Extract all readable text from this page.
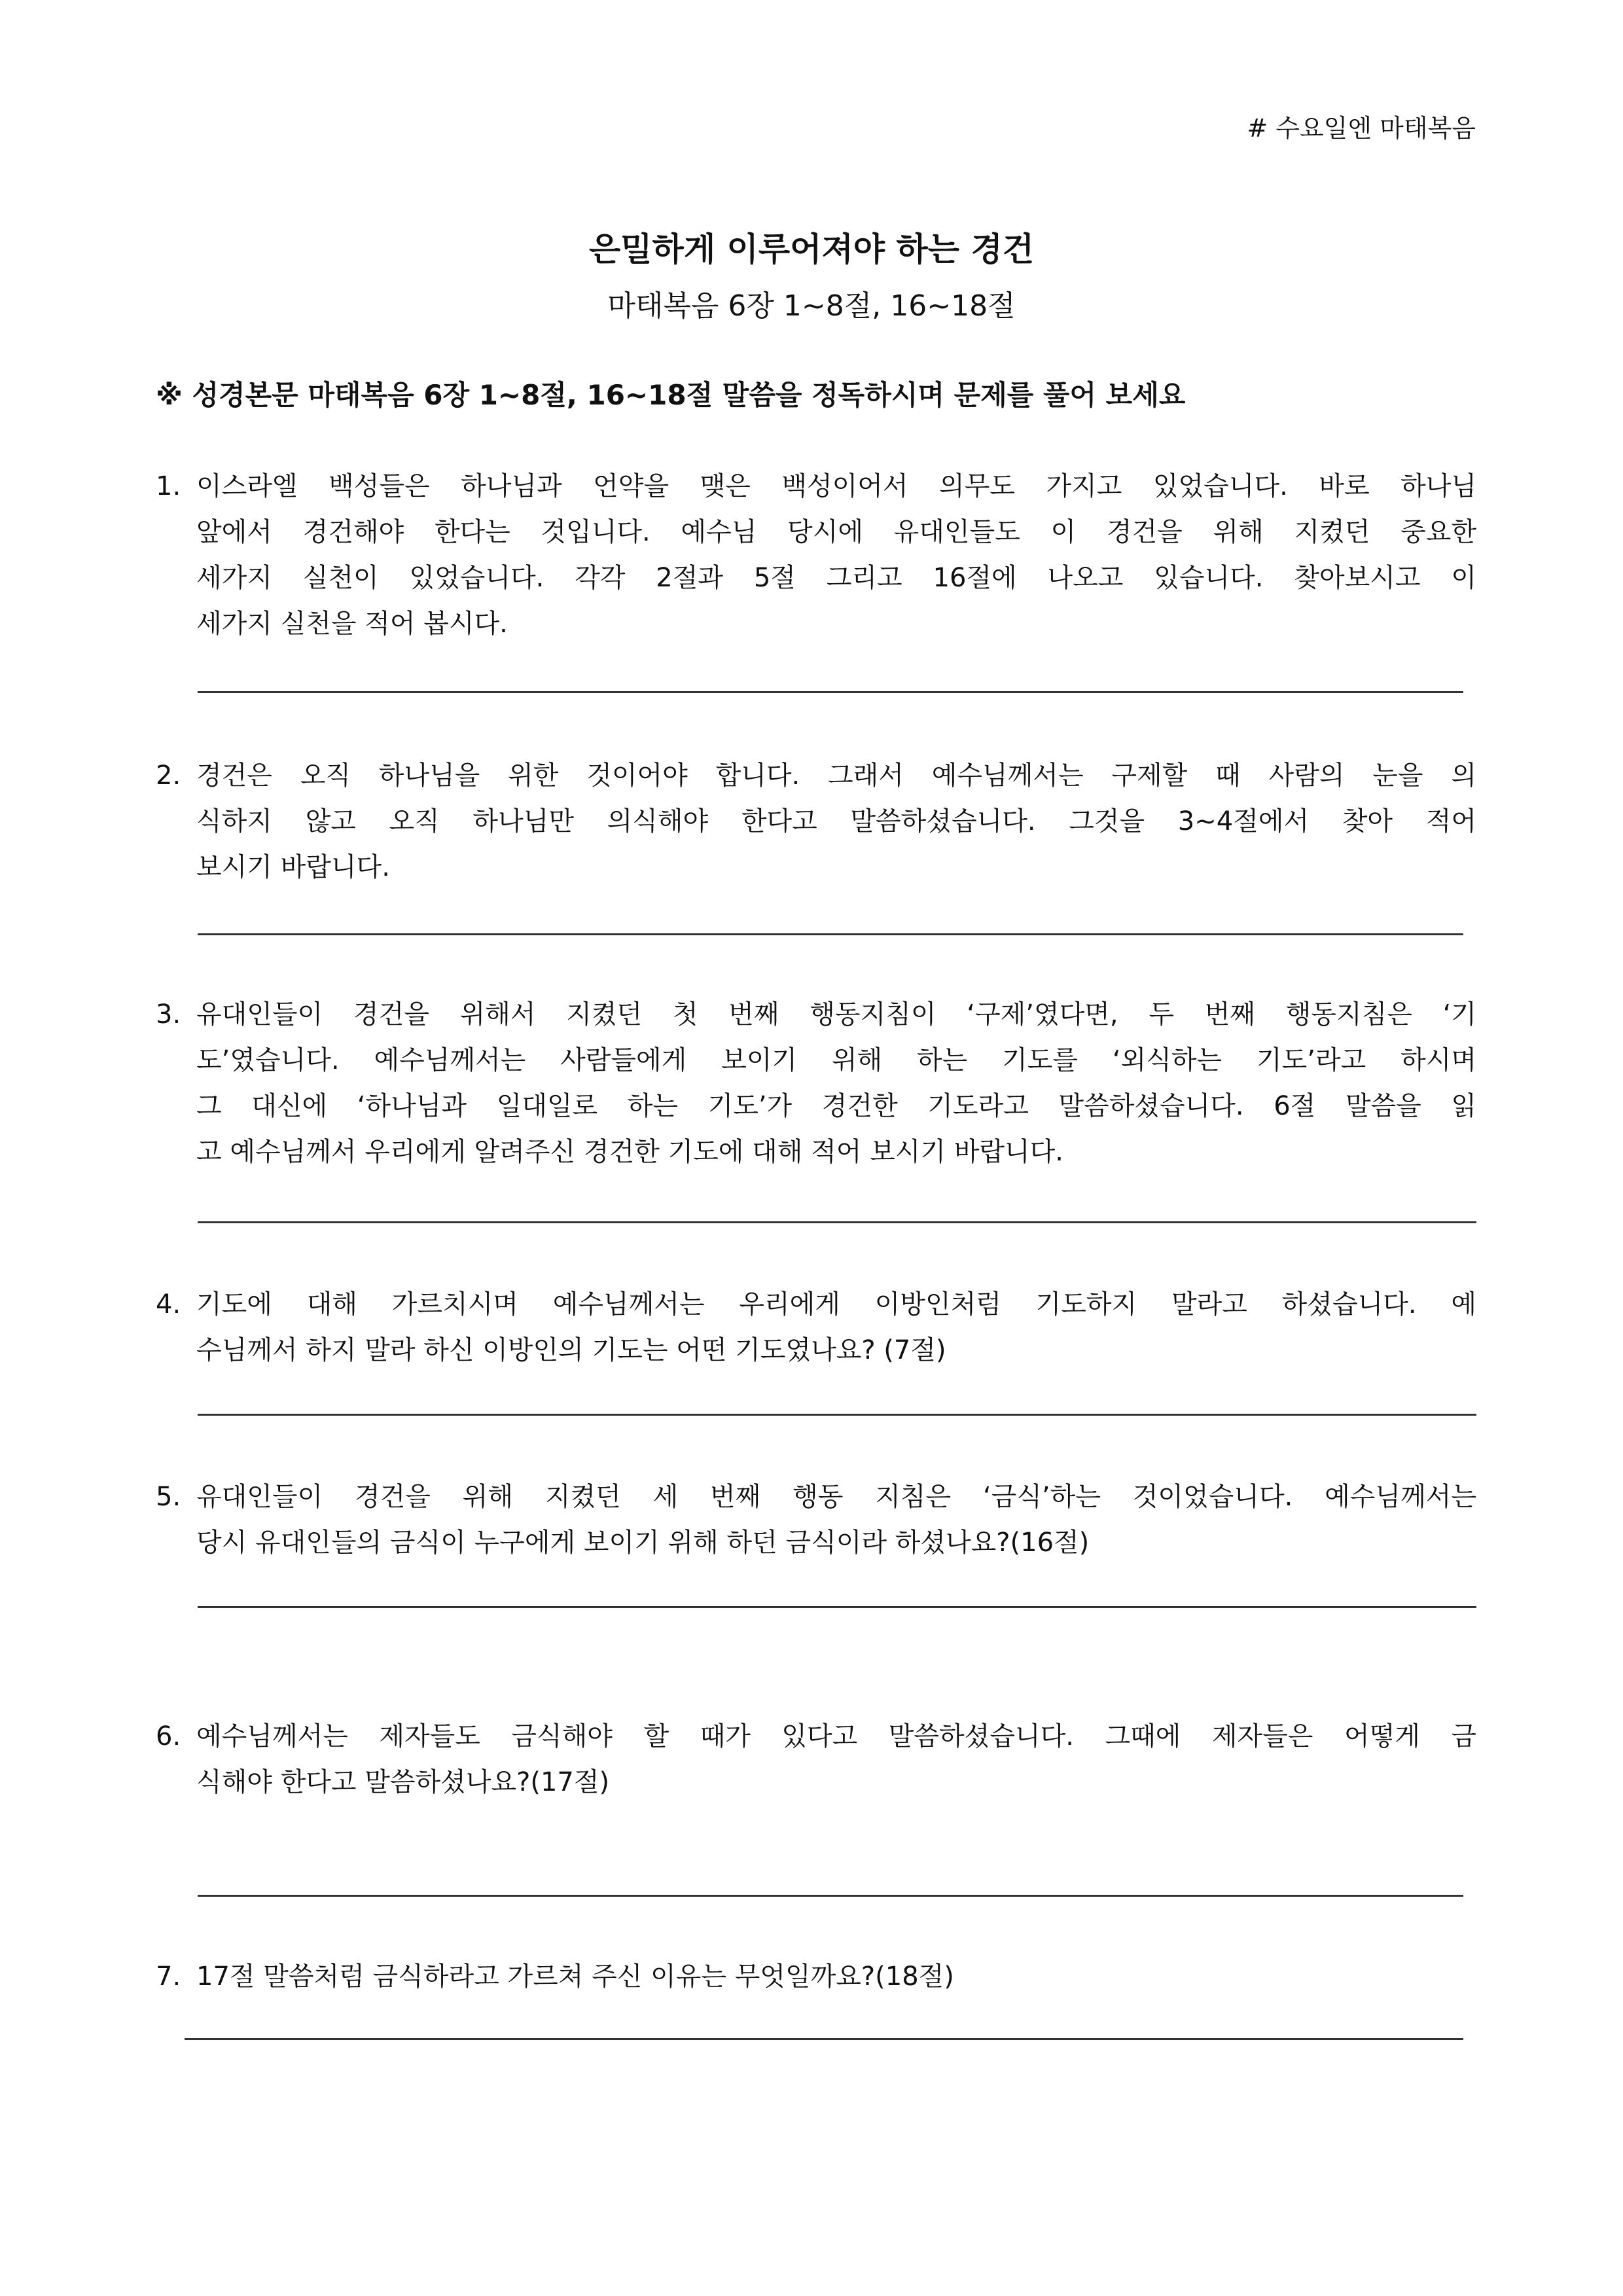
# 수요일엔 마태복음
은밀하게 이루어져야 하는 경건
마태복음 6장 1~8절, 16~18절
※ 성경본문 마태복음 6장 1~8절, 16~18절 말씀을 정독하시며 문제를 풀어 보세요
1. 이스라엘 백성들은 하나님과 언약을 맺은 백성이어서 의무도 가지고 있었습니다. 바로 하나님
앞에서 경건해야 한다는 것입니다. 예수님 당시에 유대인들도 이 경건을 위해 지켰던 중요한
세가지 실천이 있었습니다. 각각 2절과 5절 그리고 16절에 나오고 있습니다. 찾아보시고 이
세가지 실천을 적어 봅시다.
2. 경건은 오직 하나님을 위한 것이어야 합니다. 그래서 예수님께서는 구제할 때 사람의 눈을 의
식하지 않고 오직 하나님만 의식해야 한다고 말씀하셨습니다. 그것을 3~4절에서 찾아 적어
보시기 바랍니다.
3. 유대인들이 경건을 위해서 지켰던 첫 번째 행동지침이 ‘구제’였다면, 두 번째 행동지침은 ‘기
도’였습니다. 예수님께서는 사람들에게 보이기 위해 하는 기도를 ‘외식하는 기도’라고 하시며
그 대신에 ‘하나님과 일대일로 하는 기도’가 경건한 기도라고 말씀하셨습니다. 6절 말씀을 읽
고 예수님께서 우리에게 알려주신 경건한 기도에 대해 적어 보시기 바랍니다.
4. 기도에 대해 가르치시며 예수님께서는 우리에게 이방인처럼 기도하지 말라고 하셨습니다. 예
수님께서 하지 말라 하신 이방인의 기도는 어떤 기도였나요? (7절)
5. 유대인들이 경건을 위해 지켰던 세 번째 행동 지침은 ‘금식’하는 것이었습니다. 예수님께서는
당시 유대인들의 금식이 누구에게 보이기 위해 하던 금식이라 하셨나요?(16절)
6. 예수님께서는 제자들도 금식해야 할 때가 있다고 말씀하셨습니다. 그때에 제자들은 어떻게 금
식해야 한다고 말씀하셨나요?(17절)
7. 17절 말씀처럼 금식하라고 가르쳐 주신 이유는 무엇일까요?(18절)
